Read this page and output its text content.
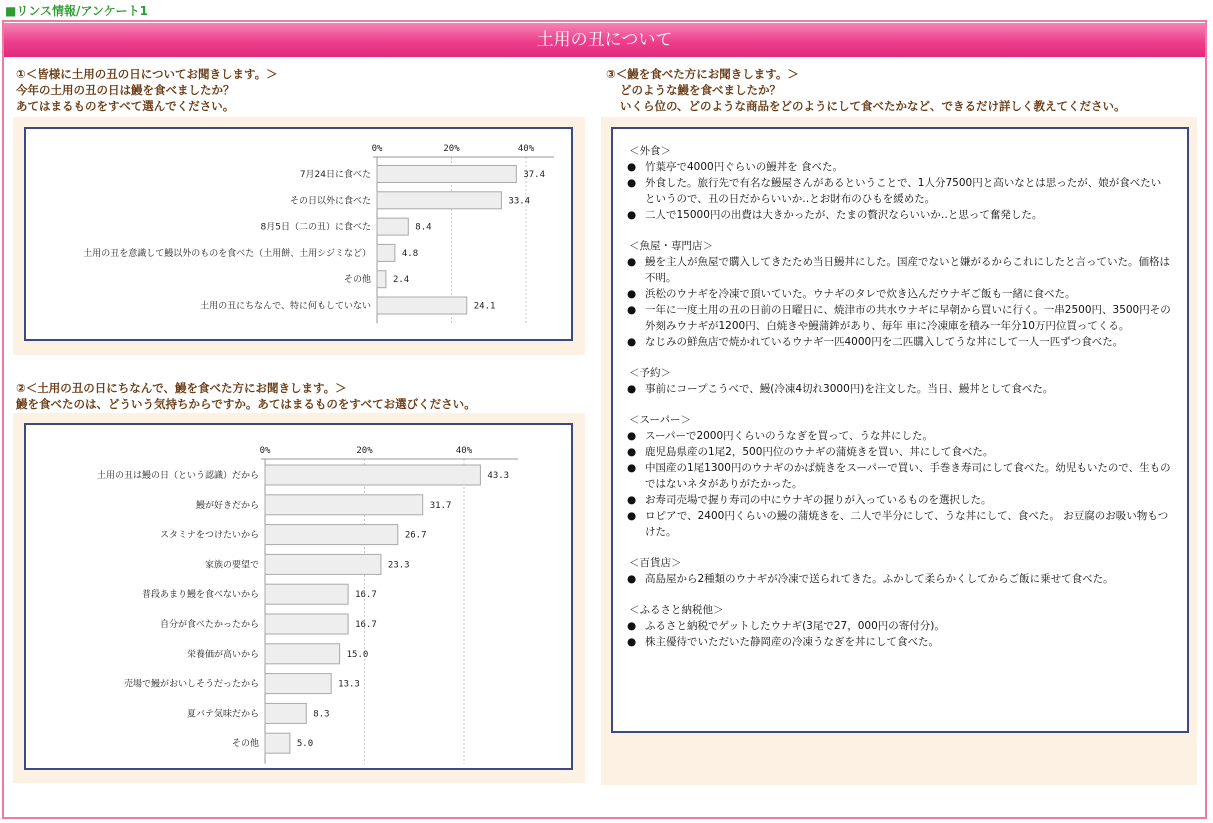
■リンス情報/アンケート1
土用の丑について
①＜皆様に土用の丑の日についてお聞きします。＞
今年の土用の丑の日は鰻を食べましたか？
あてはまるものをすべて選んでください。
0%	20%	40%
7月24日に食べた	37.4
その日以外に食べた	33.4
8月5日（二の丑）に食べた	8.4
土用の丑を意識して鰻以外のものを食べた（土用餅、土用シジミなど）	4.8
その他 2.4
土用の丑にちなんで、特に何もしていない	24.1
②＜土用の丑の日にちなんで、鰻を食べた方にお聞きします。＞
鰻を食べたのは、どういう気持ちからですか。あてはまるものをすべてお選びください。
0%	20%	40%
土用の丑は鰻の日（という認識）だから	43.3
鰻が好きだから	31.7
スタミナをつけたいから	26.7
家族の要望で	23.3
普段あまり鰻を食べないから	16.7
自分が食べたかったから	16.7
栄養価が高いから	15.0
売場で鰻がおいしそうだったから	13.3
夏バテ気味だから	8.3
その他	5.0
③＜鰻を食べた方にお聞きします。＞
どのような鰻を食べましたか？
いくら位の、どのような商品をどのようにして食べたかなど、できるだけ詳しく教えてください。
＜外食＞
● 竹葉亭で4000円ぐらいの鰻丼を 食べた。
● 外食した。旅行先で有名な鰻屋さんがあるということで、1人分7500円と高いなとは思ったが、娘が食べたいというので、丑の日だからいいか‥とお財布のひもを緩めた。
● 二人で15000円の出費は大きかったが、たまの贅沢ならいいか‥と思って奮発した。
＜魚屋・専門店＞
● 鰻を主人が魚屋で購入してきたため当日鰻丼にした。国産でないと嫌がるからこれにしたと言っていた。価格は不明。
● 浜松のウナギを冷凍で頂いていた。ウナギのタレで炊き込んだウナギご飯も一緒に食べた。
● 一年に一度土用の丑の日前の日曜日に、焼津市の共水ウナギに早朝から買いに行く。一串2500円、3500円その外刻みウナギが1200円、白焼きや鰻蒲鉾があり、毎年 車に冷凍庫を積み一年分10万円位買ってくる。
● なじみの鮮魚店で焼かれているウナギ一匹4000円を二匹購入してうな丼にして一人一匹ずつ食べた。
＜予約＞
● 事前にコープこうべで、鰻(冷凍4切れ3000円)を注文した。当日、鰻丼として食べた。
＜スーパー＞
● スーパーで2000円くらいのうなぎを買って、うな丼にした。
● 鹿児島県産の1尾2，500円位のウナギの蒲焼きを買い、丼にして食べた。
● 中国産の1尾1300円のウナギのかば焼きをスーパーで買い、手巻き寿司にして食べた。幼児もいたので、生ものではないネタがありがたかった。
● お寿司売場で握り寿司の中にウナギの握りが入っているものを選択した。
● ロピアで、2400円くらいの鰻の蒲焼きを、二人で半分にして、うな丼にして、食べた。 お豆腐のお吸い物もつけた。
＜百貨店＞
● 高島屋から2種類のウナギが冷凍で送られてきた。ふかして柔らかくしてからご飯に乗せて食べた。
＜ふるさと納税他＞
● ふるさと納税でゲットしたウナギ(3尾で27，000円の寄付分)。
● 株主優待でいただいた静岡産の冷凍うなぎを丼にして食べた。
